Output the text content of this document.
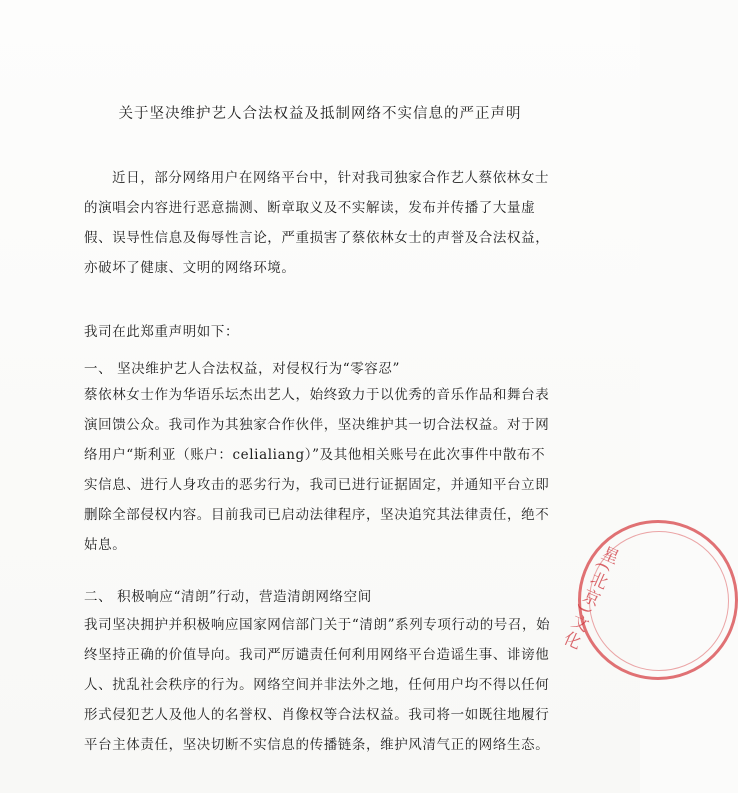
关于坚决维护艺人合法权益及抵制网络不实信息的严正声明

近日，部分网络用户在网络平台中，针对我司独家合作艺人蔡依林女士的演唱会内容进行恶意揣测、断章取义及不实解读，发布并传播了大量虚假、误导性信息及侮辱性言论，严重损害了蔡依林女士的声誉及合法权益，亦破坏了健康、文明的网络环境。

我司在此郑重声明如下：

一、 坚决维护艺人合法权益，对侵权行为“零容忍”

蔡依林女士作为华语乐坛杰出艺人，始终致力于以优秀的音乐作品和舞台表演回馈公众。我司作为其独家合作伙伴，坚决维护其一切合法权益。对于网络用户“斯利亚（账户：celialiang）”及其他相关账号在此次事件中散布不实信息、进行人身攻击的恶劣行为，我司已进行证据固定，并通知平台立即删除全部侵权内容。目前我司已启动法律程序，坚决追究其法律责任，绝不姑息。

二、 积极响应“清朗”行动，营造清朗网络空间

我司坚决拥护并积极响应国家网信部门关于“清朗”系列专项行动的号召，始终坚持正确的价值导向。我司严厉谴责任何利用网络平台造谣生事、诽谤他人、扰乱社会秩序的行为。网络空间并非法外之地，任何用户均不得以任何形式侵犯艺人及他人的名誉权、肖像权等合法权益。我司将一如既往地履行平台主体责任，坚决切断不实信息的传播链条，维护风清气正的网络生态。

星(北京)文化
